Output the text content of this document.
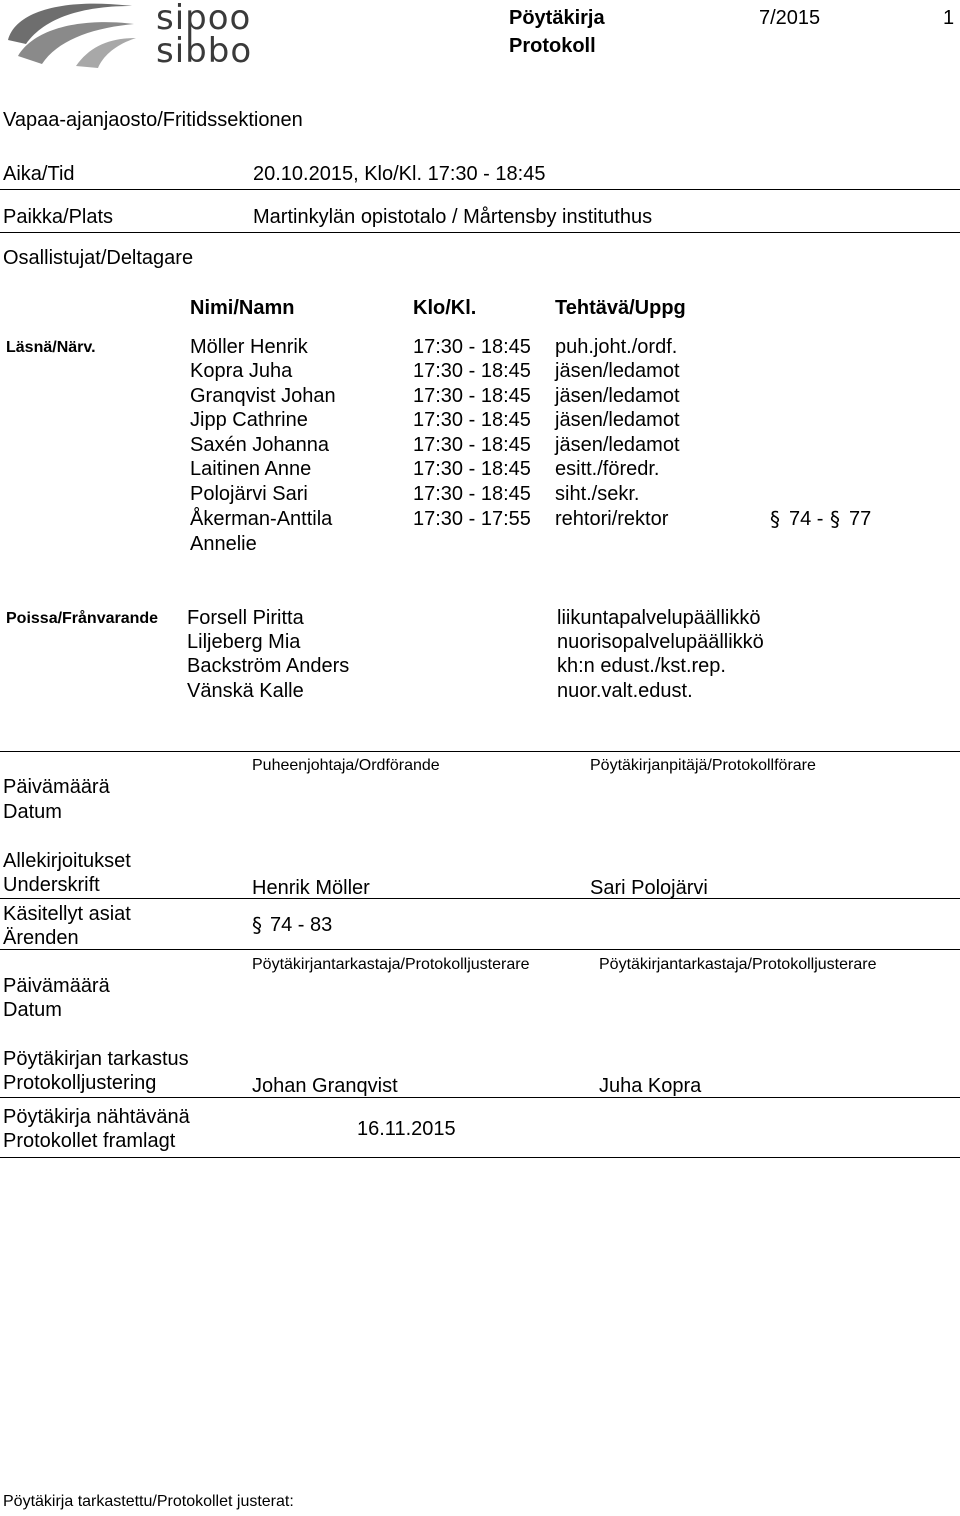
sipoo
sibbo
Pöytäkirja
Protokoll
7/2015	1
Vapaa-ajanjaosto/Fritidssektionen
Aika/Tid	20.10.2015, Klo/Kl. 17:30 - 18:45
Paikka/Plats	Martinkylän opistotalo / Mårtensby instituthus
Osallistujat/Deltagare
Nimi/Namn	Klo/Kl.	Tehtävä/Uppg
Läsnä/Närv.	Möller Henrik	17:30 - 18:45 puh.joht./ordf.
Kopra Juha	17:30 - 18:45 jäsen/ledamot
Granqvist Johan	17:30 - 18:45 jäsen/ledamot
Jipp Cathrine	17:30 - 18:45 jäsen/ledamot
Saxén Johanna	17:30 - 18:45 jäsen/ledamot
Laitinen Anne	17:30 - 18:45 esitt./föredr.
Polojärvi Sari	17:30 - 18:45 siht./sekr.
Åkerman-Anttila
Annelie
17:30 - 17:55 rehtori/rektor	§ 74 - § 77
Poissa/Frånvarande Forsell Piritta	liikuntapalvelupäällikkö
Liljeberg Mia	nuorisopalvelupäällikkö
Backström Anders	kh:n edust./kst.rep.
Vänskä Kalle	nuor.valt.edust.
Päivämäärä
Datum
Puheenjohtaja/Ordförande	Pöytäkirjanpitäjä/Protokollförare
Allekirjoitukset
Underskrift	Henrik Möller	Sari Polojärvi
Käsitellyt asiat
Ärenden
§ 74 - 83
Päivämäärä
Datum
Pöytäkirjantarkastaja/Protokolljusterare	Pöytäkirjantarkastaja/Protokolljusterare
Pöytäkirjan tarkastus
Protokolljustering	Johan Granqvist	Juha Kopra
Pöytäkirja nähtävänä
Protokollet framlagt
16.11.2015
Pöytäkirja tarkastettu/Protokollet justerat:
